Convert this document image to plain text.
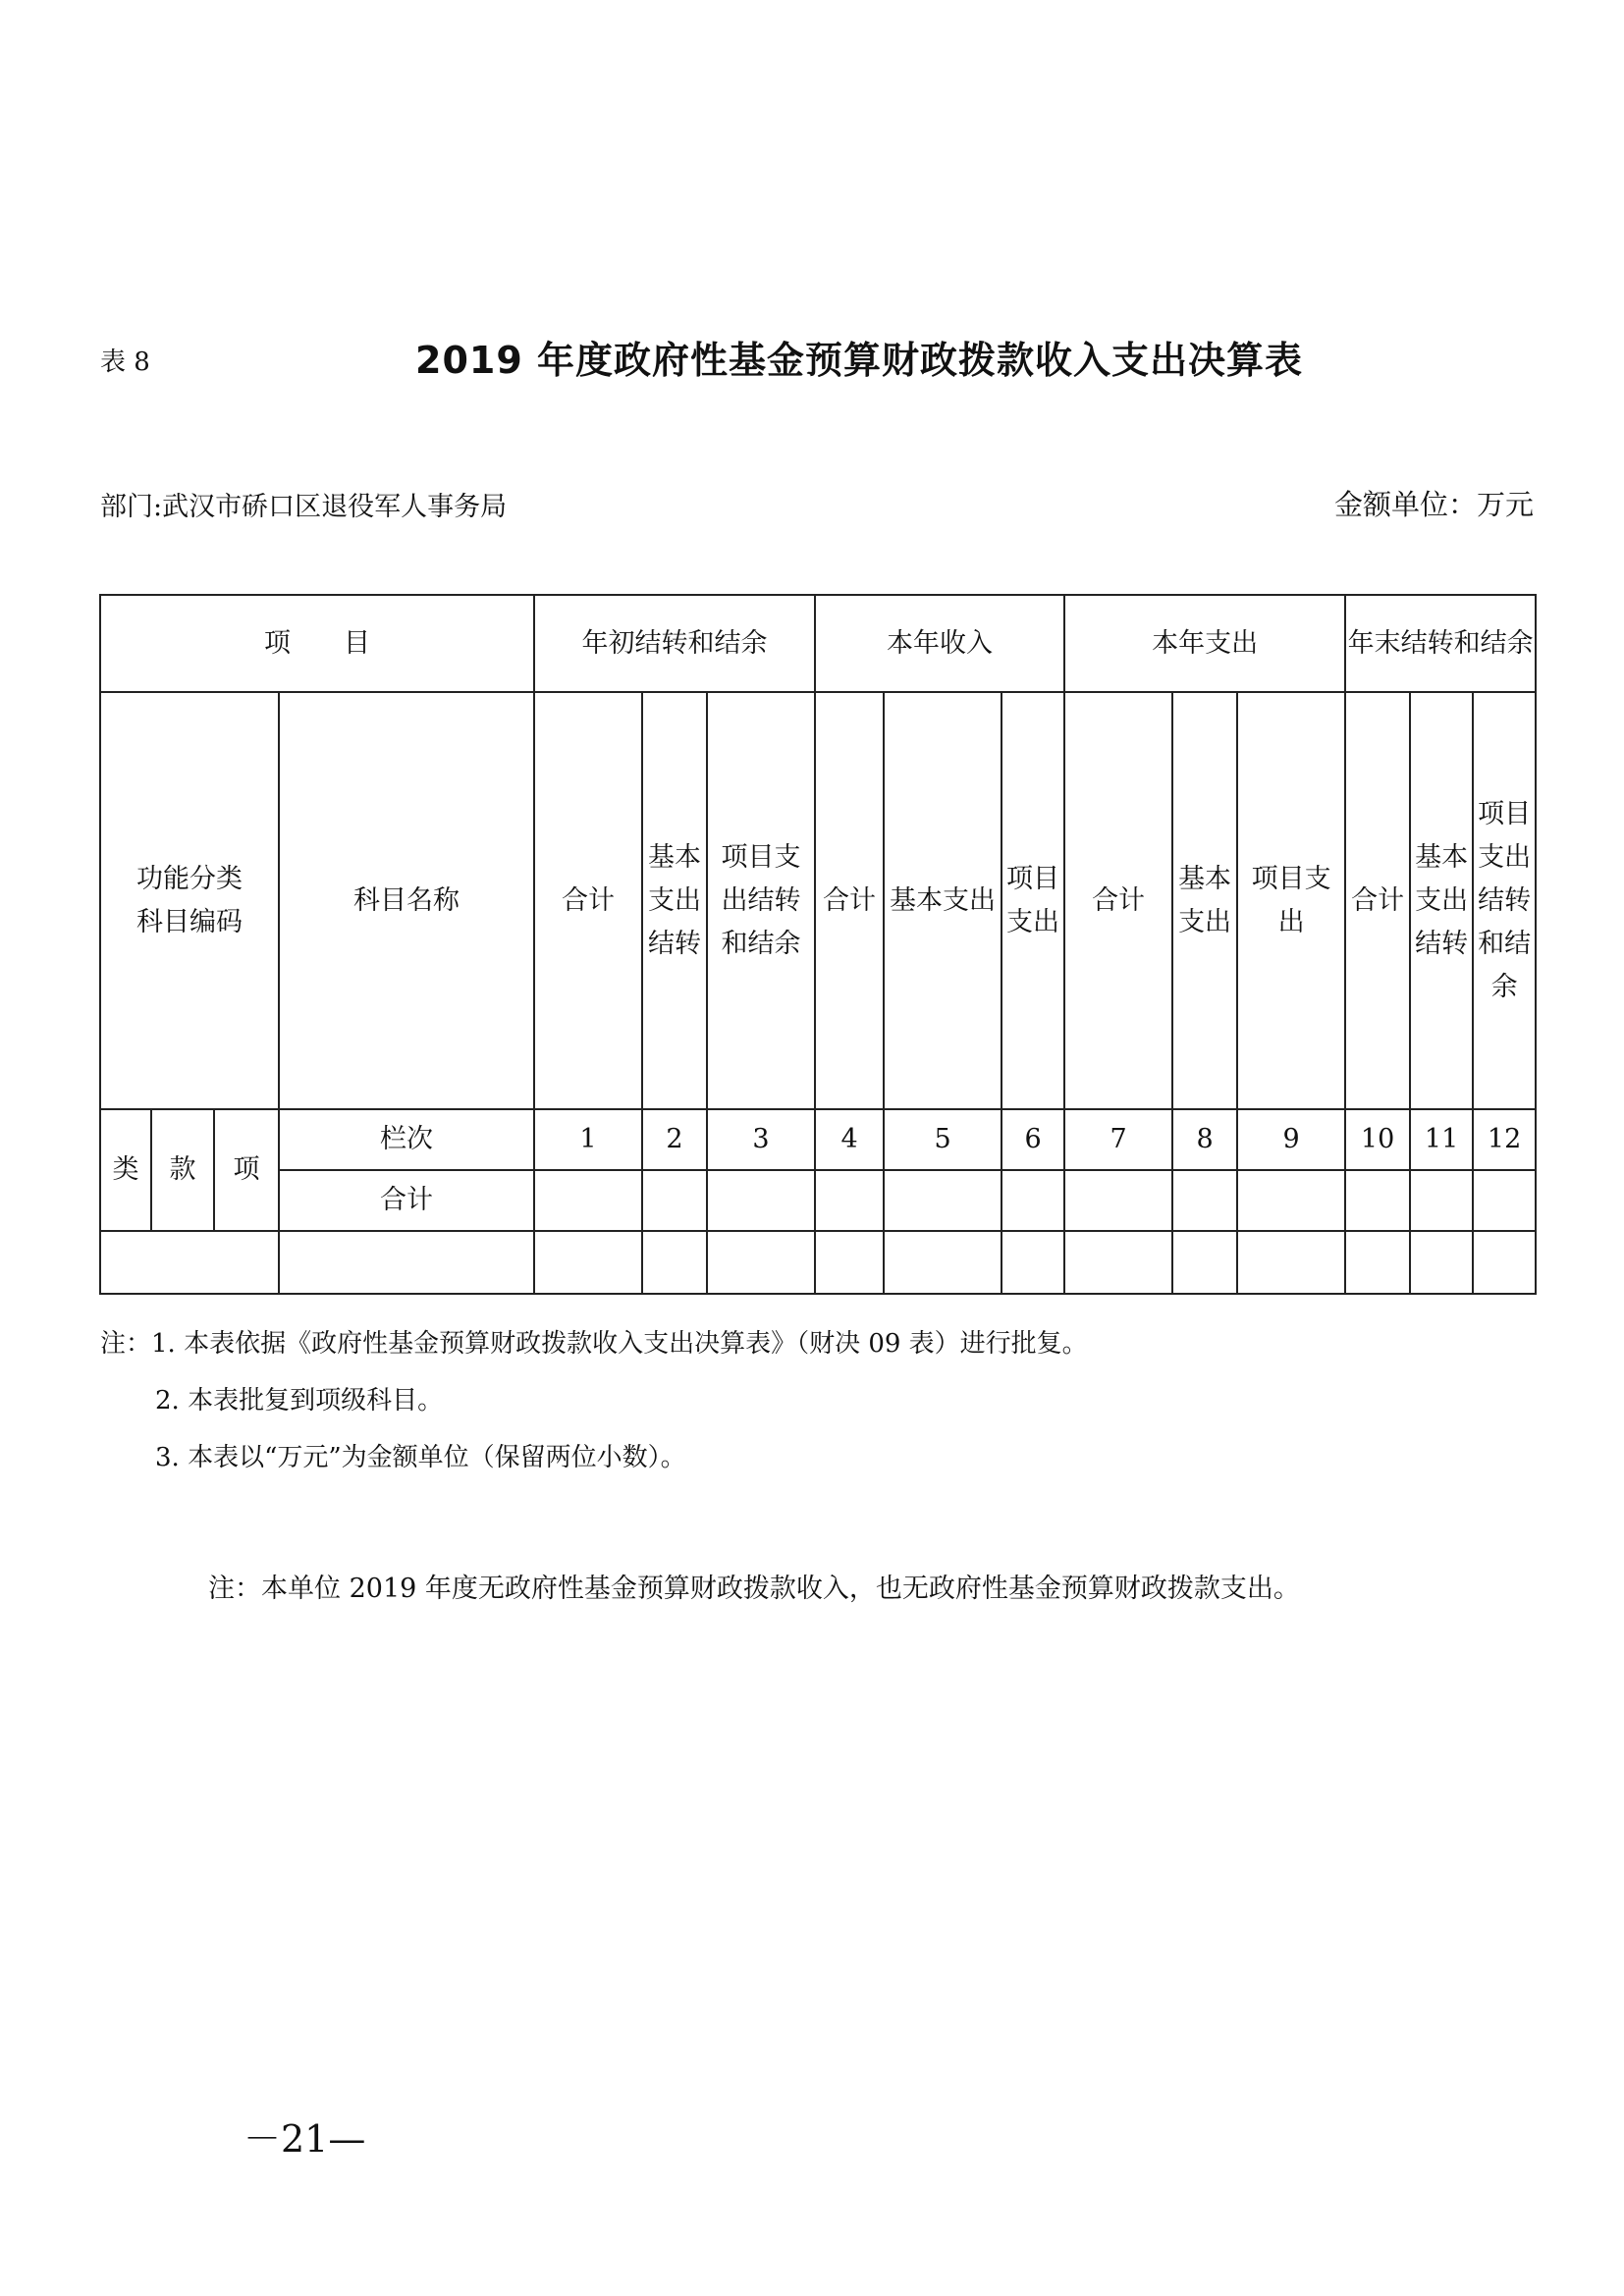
表 8	2019 年度政府性基金预算财政拨款收入支出决算表
部门:武汉市硚口区退役军人事务局	金额单位：万元
项　　目				年初结转和结余			本年收入			本年支出			年末结转和结余		
功能分类科目编码			科目名称	合计	基本支出结转	项目支出结转和结余	合计	基本支出	项目支出	合计	基本支出	项目支出	合计	基本支出结转	项目支出结转和结余
类	款	项	栏次	1	2	3	4	5	6	7	8	9	10	11	12
			合计												

注：1. 本表依据《政府性基金预算财政拨款收入支出决算表》（财决 09 表）进行批复。
2. 本表批复到项级科目。
3. 本表以“万元”为金额单位（保留两位小数）。
注：本单位 2019 年度无政府性基金预算财政拨款收入，也无政府性基金预算财政拨款支出。
－21—
